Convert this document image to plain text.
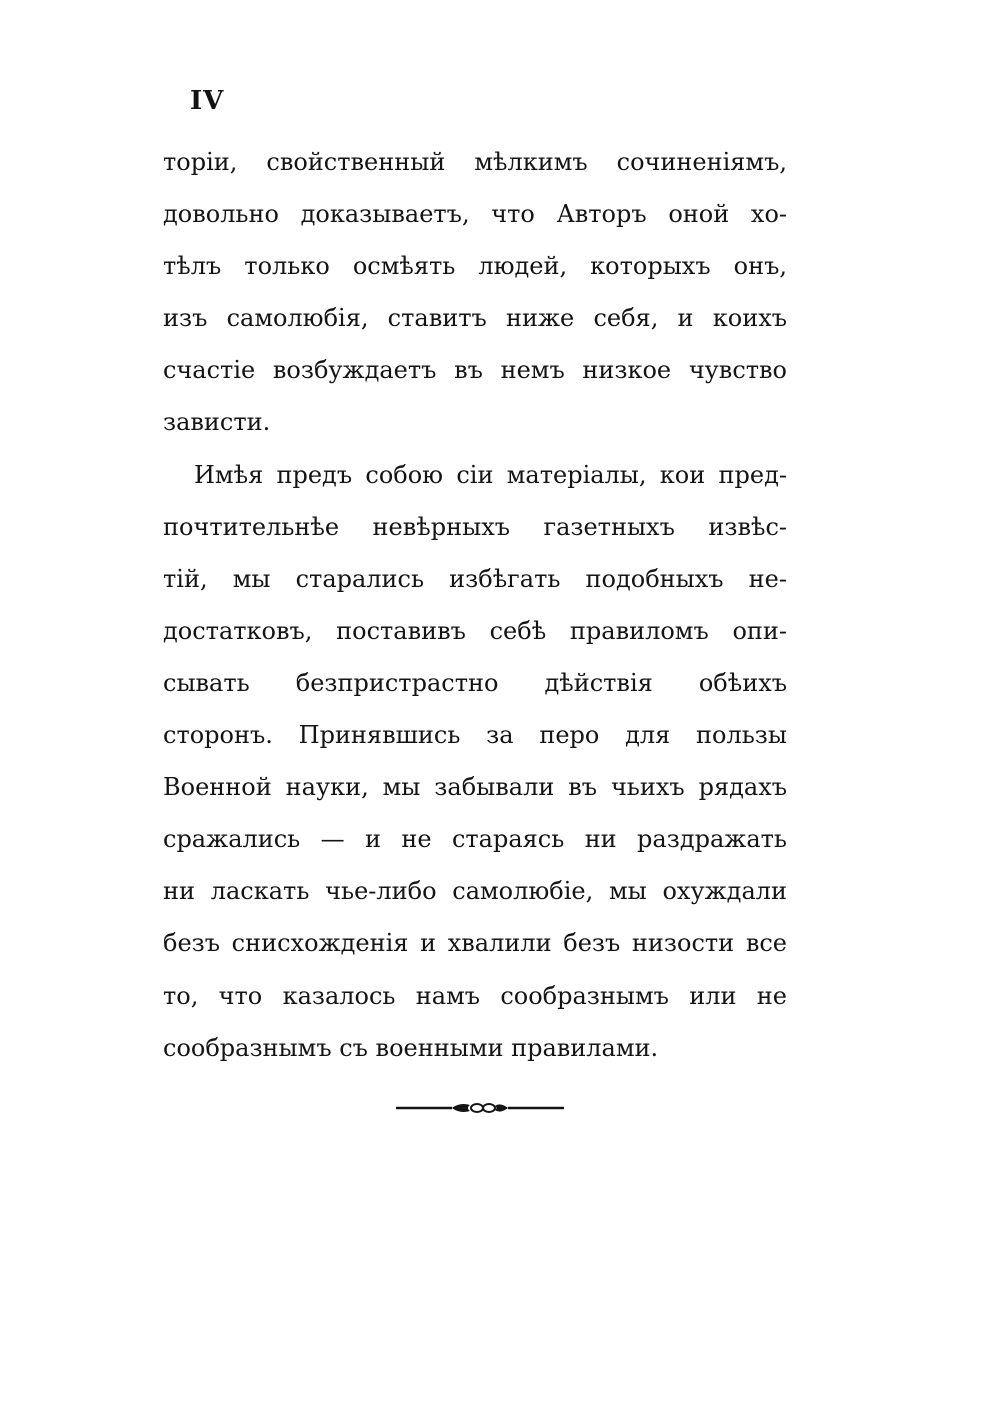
IV
торіи, свойственный мѣлкимъ сочиненіямъ,
довольно доказываетъ, что Авторъ оной хо-
тѣлъ только осмѣять людей, которыхъ онъ,
изъ самолюбія, ставитъ ниже себя, и коихъ
счастіе возбуждаетъ въ немъ низкое чувство
зависти.
Имѣя предъ собою сіи матеріалы, кои пред-
почтительнѣе невѣрныхъ газетныхъ извѣс-
тій, мы старались избѣгать подобныхъ не-
достатковъ, поставивъ себѣ правиломъ опи-
сывать безпристрастно дѣйствія обѣихъ
сторонъ. Принявшись за перо для пользы
Военной науки, мы забывали въ чьихъ рядахъ
сражались — и не стараясь ни раздражать
ни ласкать чье-либо самолюбіе, мы охуждали
безъ снисхожденія и хвалили безъ низости все
то, что казалось намъ сообразнымъ или не
сообразнымъ съ военными правилами.
